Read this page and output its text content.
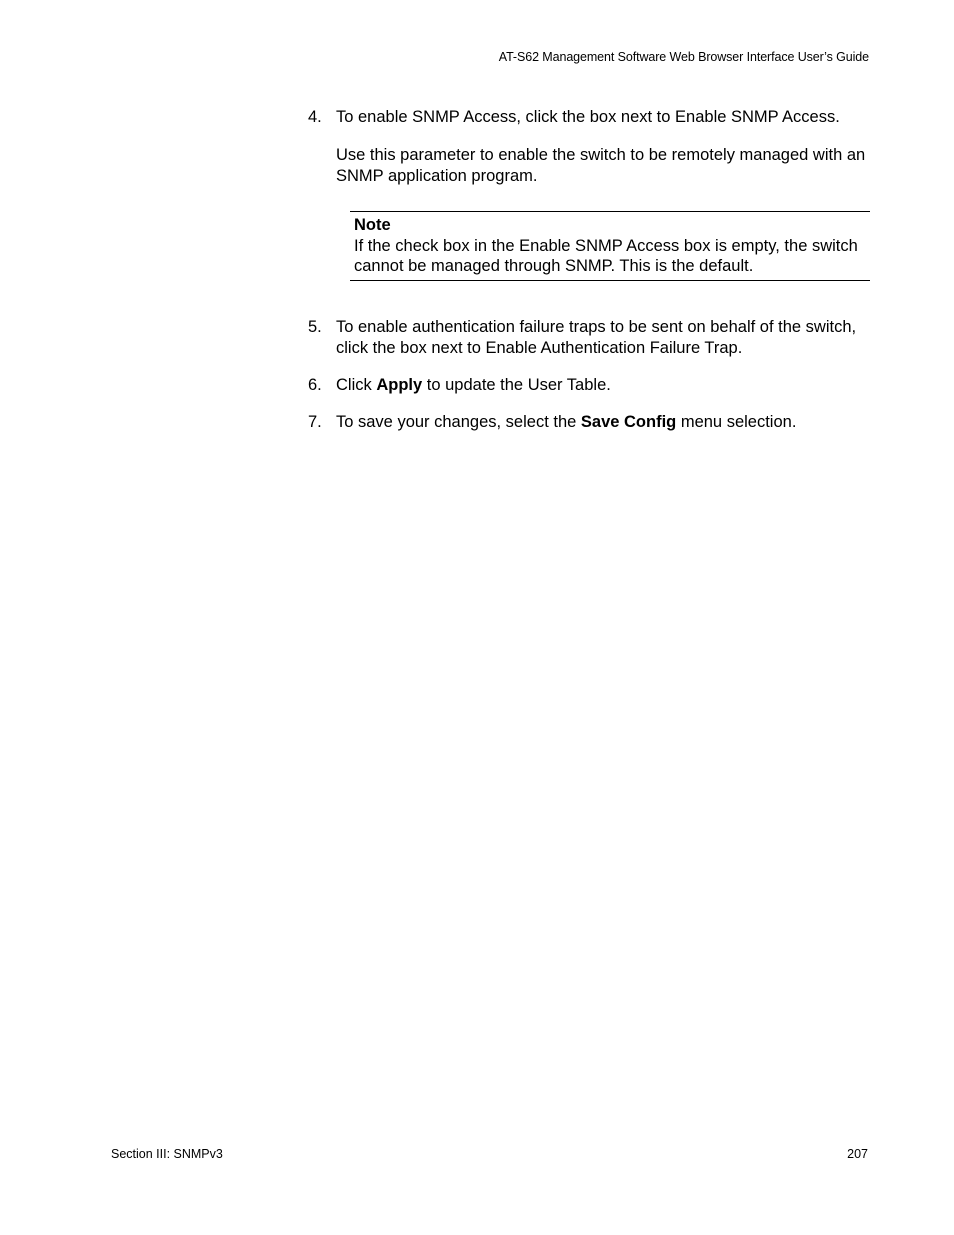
AT-S62 Management Software Web Browser Interface User’s Guide
4. To enable SNMP Access, click the box next to Enable SNMP Access.
Use this parameter to enable the switch to be remotely managed with an SNMP application program.
Note
If the check box in the Enable SNMP Access box is empty, the switch cannot be managed through SNMP. This is the default.
5. To enable authentication failure traps to be sent on behalf of the switch, click the box next to Enable Authentication Failure Trap.
6. Click Apply to update the User Table.
7. To save your changes, select the Save Config menu selection.
Section III: SNMPv3	207
